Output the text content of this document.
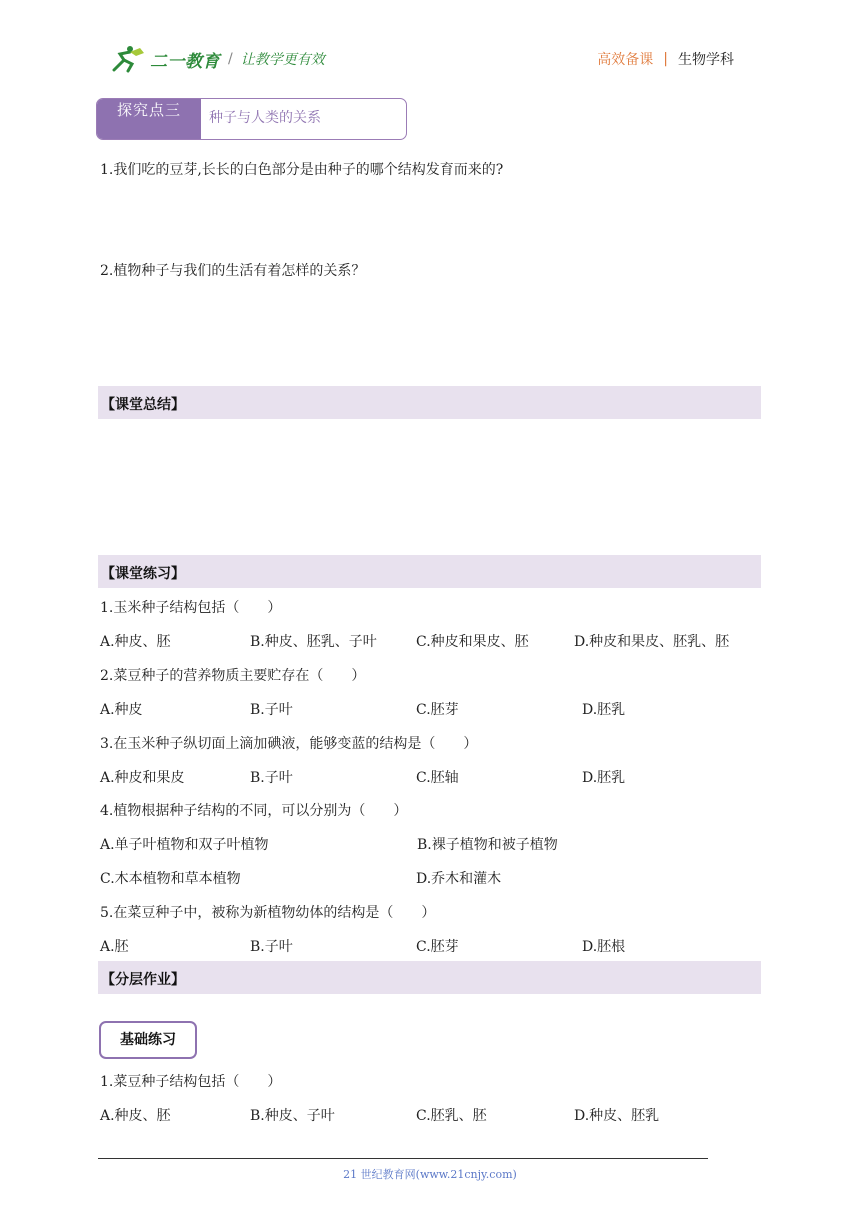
二一教育 / 让教学更有效	高效备课 | 生物学科
探究点三	种子与人类的关系
1.我们吃的豆芽,长长的白色部分是由种子的哪个结构发育而来的?
2.植物种子与我们的生活有着怎样的关系？
【课堂总结】
【课堂练习】
1.玉米种子结构包括（　　）
A.种皮、胚	B.种皮、胚乳、子叶	C.种皮和果皮、胚	D.种皮和果皮、胚乳、胚
2.菜豆种子的营养物质主要贮存在（　　）
A.种皮	B.子叶	C.胚芽	D.胚乳
3.在玉米种子纵切面上滴加碘液，能够变蓝的结构是（　　）
A.种皮和果皮	B.子叶	C.胚轴	D.胚乳
4.植物根据种子结构的不同，可以分别为（　　）
A.单子叶植物和双子叶植物	B.裸子植物和被子植物
C.木本植物和草本植物	D.乔木和灌木
5.在菜豆种子中，被称为新植物幼体的结构是（　　）
A.胚	B.子叶	C.胚芽	D.胚根
【分层作业】
基础练习
1.菜豆种子结构包括（　　）
A.种皮、胚	B.种皮、子叶	C.胚乳、胚	D.种皮、胚乳
21 世纪教育网(www.21cnjy.com)
